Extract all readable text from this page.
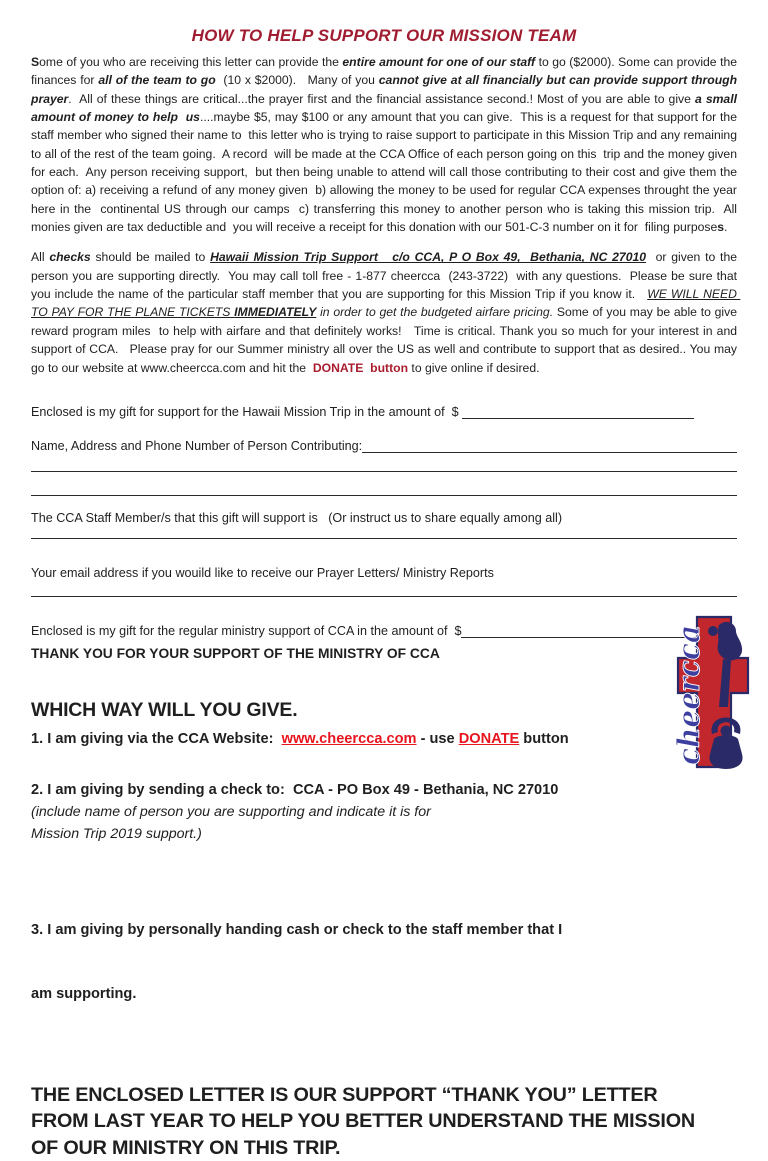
HOW TO HELP SUPPORT OUR MISSION TEAM

Some of you who are receiving this letter can provide the entire amount for one of our staff to go ($2000). Some can provide the finances for all of the team to go  (10 x $2000).   Many of you cannot give at all financially but can provide support through prayer.  All of these things are critical...the prayer first and the financial assistance second.! Most of you are able to give a small amount of money to help  us....maybe $5, may $100 or any amount that you can give.  This is a request for that support for the staff member who signed their name to  this letter who is trying to raise support to participate in this Mission Trip and any remaining to all of the rest of the team going.  A record  will be made at the CCA Office of each person going on this  trip and the money given for each.  Any person receiving support,  but then being unable to attend will call those contributing to their cost and give them the option of: a) receiving a refund of any money given  b) allowing the money to be used for regular CCA expenses throught the year here in the  continental US through our camps  c) transferring this money to another person who is taking this mission trip.  All monies given are tax deductible and  you will receive a receipt for this donation with our 501-C-3 number on it for  filing purposes.

All checks should be mailed to Hawaii Mission Trip Support   c/o CCA, P O Box 49,  Bethania, NC 27010  or given to the person you are supporting directly.  You may call toll free - 1-877 cheercca  (243-3722)  with any questions.  Please be sure that you include the name of the particular staff member that you are supporting for this Mission Trip if you know it.   WE WILL NEED TO PAY FOR THE PLANE TICKETS IMMEDIATELY in order to get the budgeted airfare pricing. Some of you may be able to give reward program miles  to help with airfare and that definitely works!   Time is critical. Thank you so much for your interest in and support of CCA.   Please pray for our Summer ministry all over the US as well and contribute to support that as desired.. You may go to our website at www.cheercca.com and hit the  DONATE  button to give online if desired.

Enclosed is my gift for support for the Hawaii Mission Trip in the amount of  $
Name, Address and Phone Number of Person Contributing:
The CCA Staff Member/s that this gift will support is   (Or instruct us to share equally among all)
Your email address if you wouild like to receive our Prayer Letters/ Ministry Reports
Enclosed is my gift for the regular ministry support of CCA in the amount of  $
THANK YOU FOR YOUR SUPPORT OF THE MINISTRY OF CCA
WHICH WAY WILL YOU GIVE.
1. I am giving via the CCA Website:  www.cheercca.com - use DONATE button
2. I am giving by sending a check to:  CCA - PO Box 49 - Bethania, NC 27010
(include name of person you are supporting and indicate it is for
Mission Trip 2019 support.)

3. I am giving by personally handing cash or check to the staff member that I

am supporting.

THE ENCLOSED LETTER IS OUR SUPPORT “THANK YOU” LETTER
FROM LAST YEAR TO HELP YOU BETTER UNDERSTAND THE MISSION
OF OUR MINISTRY ON THIS TRIP.
cheercca
